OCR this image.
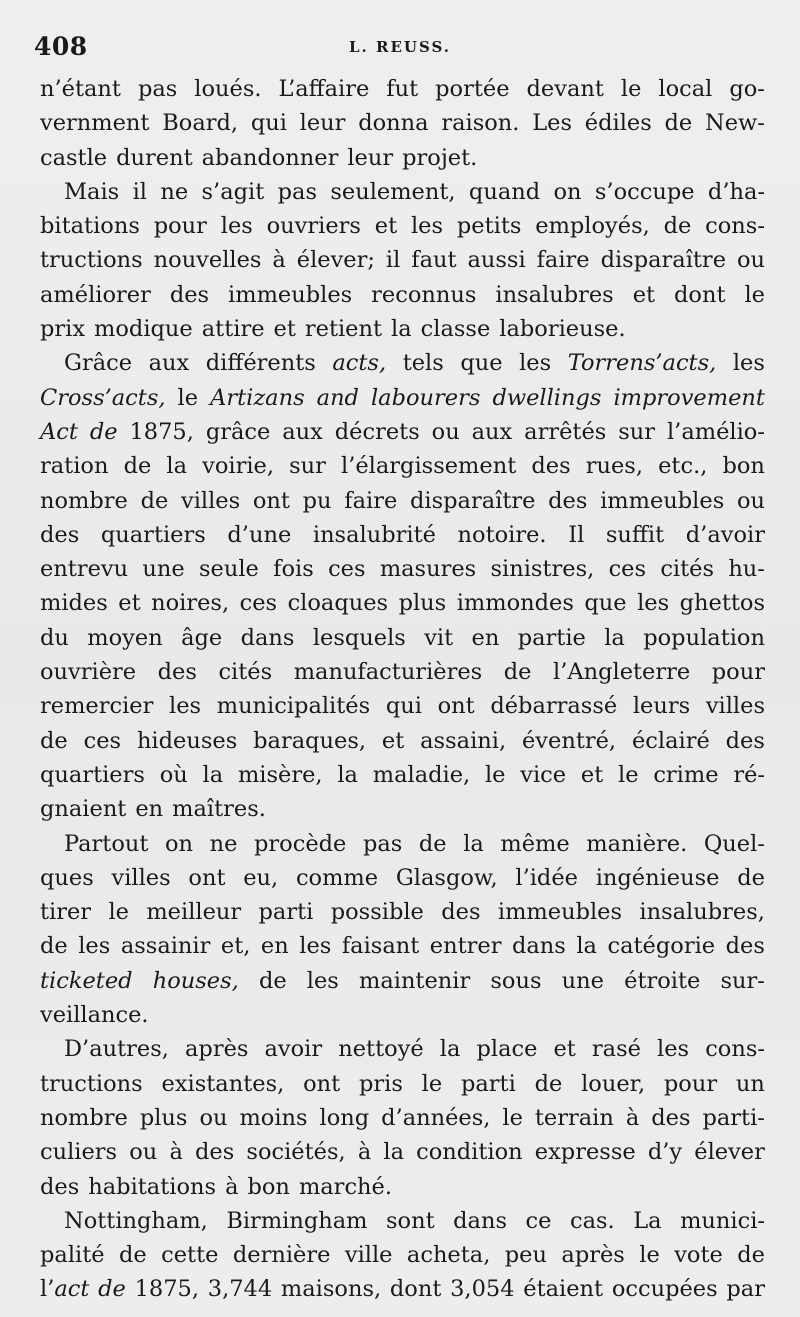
408	L. REUSS.
n’étant pas loués. L’affaire fut portée devant le local go-
vernment Board, qui leur donna raison. Les édiles de New-
castle durent abandonner leur projet.
Mais il ne s’agit pas seulement, quand on s’occupe d’ha-
bitations pour les ouvriers et les petits employés, de cons-
tructions nouvelles à élever; il faut aussi faire disparaître ou
améliorer des immeubles reconnus insalubres et dont le
prix modique attire et retient la classe laborieuse.
Grâce aux différents acts, tels que les Torrens’acts, les
Cross’acts, le Artizans and labourers dwellings improvement
Act de 1875, grâce aux décrets ou aux arrêtés sur l’amélio-
ration de la voirie, sur l’élargissement des rues, etc., bon
nombre de villes ont pu faire disparaître des immeubles ou
des quartiers d’une insalubrité notoire. Il suffit d’avoir
entrevu une seule fois ces masures sinistres, ces cités hu-
mides et noires, ces cloaques plus immondes que les ghettos
du moyen âge dans lesquels vit en partie la population
ouvrière des cités manufacturières de l’Angleterre pour
remercier les municipalités qui ont débarrassé leurs villes
de ces hideuses baraques, et assaini, éventré, éclairé des
quartiers où la misère, la maladie, le vice et le crime ré-
gnaient en maîtres.
Partout on ne procède pas de la même manière. Quel-
ques villes ont eu, comme Glasgow, l’idée ingénieuse de
tirer le meilleur parti possible des immeubles insalubres,
de les assainir et, en les faisant entrer dans la catégorie des
ticketed houses, de les maintenir sous une étroite sur-
veillance.
D’autres, après avoir nettoyé la place et rasé les cons-
tructions existantes, ont pris le parti de louer, pour un
nombre plus ou moins long d’années, le terrain à des parti-
culiers ou à des sociétés, à la condition expresse d’y élever
des habitations à bon marché.
Nottingham, Birmingham sont dans ce cas. La munici-
palité de cette dernière ville acheta, peu après le vote de
l’act de 1875, 3,744 maisons, dont 3,054 étaient occupées par
